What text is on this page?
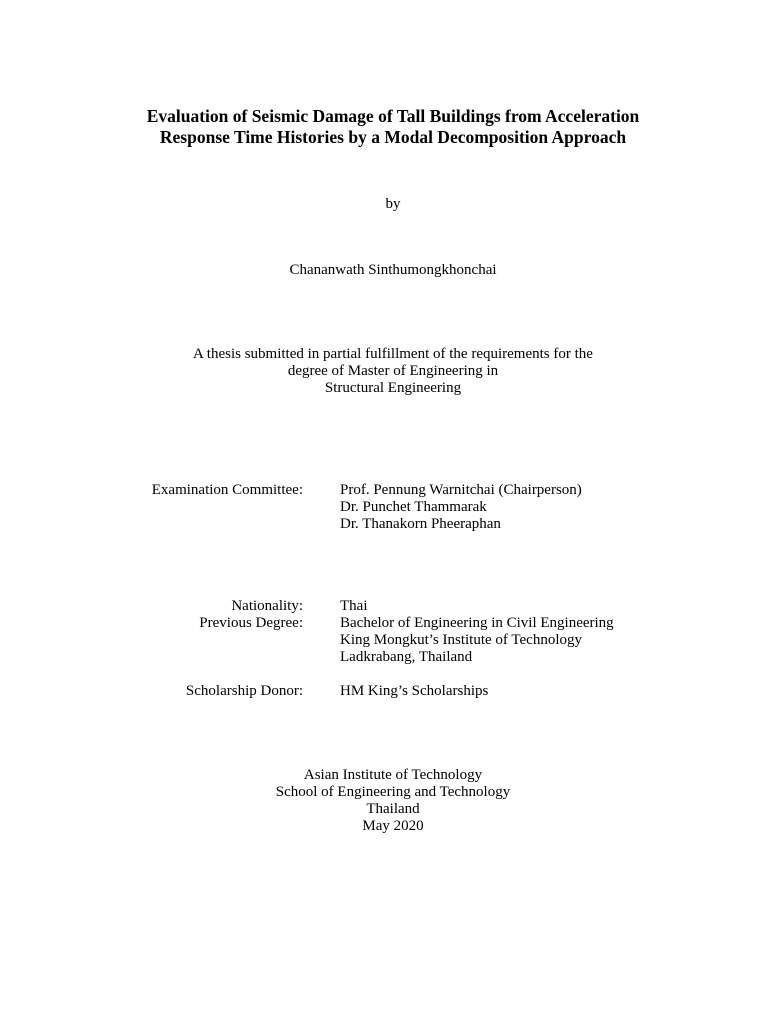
Evaluation of Seismic Damage of Tall Buildings from Acceleration
Response Time Histories by a Modal Decomposition Approach
by
Chananwath Sinthumongkhonchai
A thesis submitted in partial fulfillment of the requirements for the
degree of Master of Engineering in
Structural Engineering
Examination Committee: Prof. Pennung Warnitchai (Chairperson)
Dr. Punchet Thammarak
Dr. Thanakorn Pheeraphan
Nationality: Thai
Previous Degree: Bachelor of Engineering in Civil Engineering
King Mongkut’s Institute of Technology
Ladkrabang, Thailand
Scholarship Donor: HM King’s Scholarships
Asian Institute of Technology
School of Engineering and Technology
Thailand
May 2020
